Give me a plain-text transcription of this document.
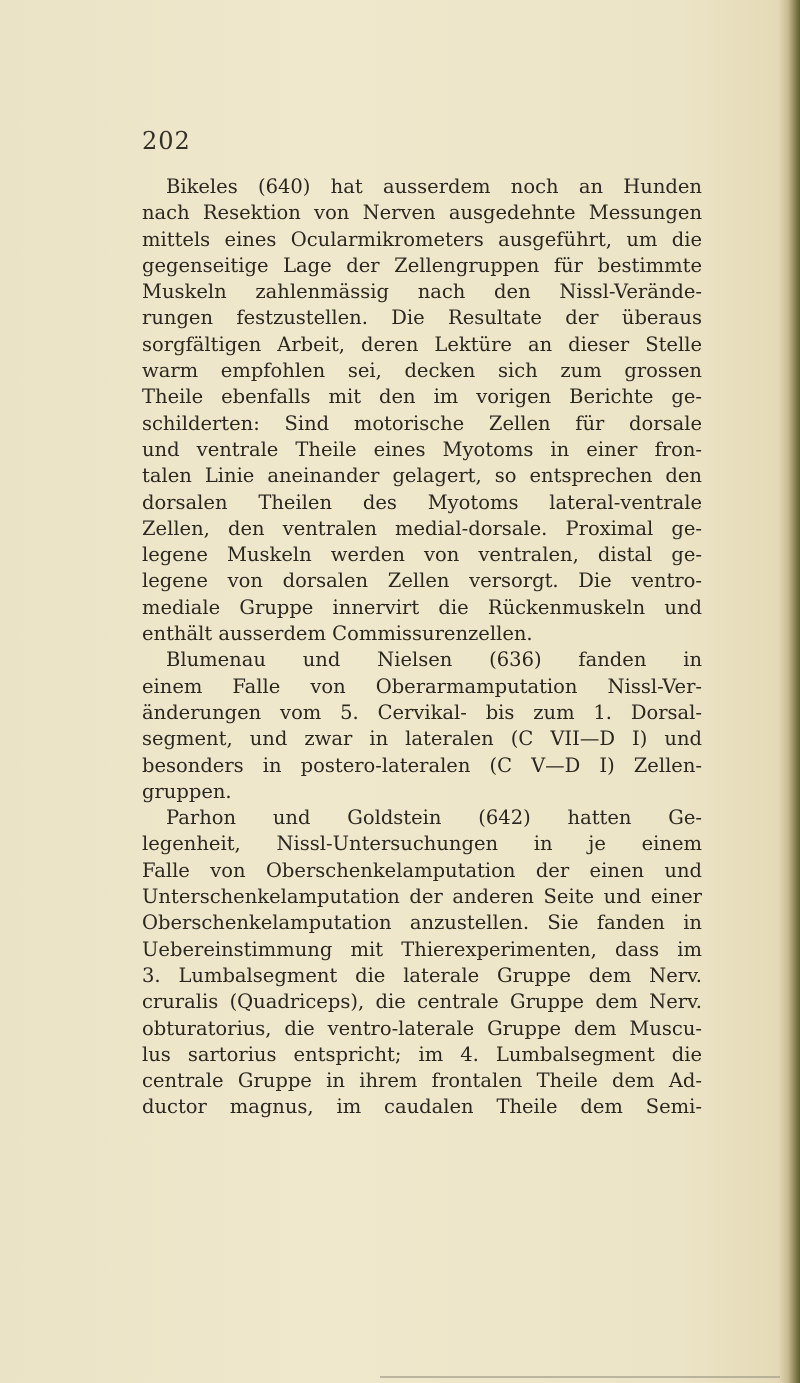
202
Bikeles (640) hat ausserdem noch an Hunden
nach Resektion von Nerven ausgedehnte Messungen
mittels eines Ocularmikrometers ausgeführt, um die
gegenseitige Lage der Zellengruppen für bestimmte
Muskeln zahlenmässig nach den Nissl-Verände-
rungen festzustellen. Die Resultate der überaus
sorgfältigen Arbeit, deren Lektüre an dieser Stelle
warm empfohlen sei, decken sich zum grossen
Theile ebenfalls mit den im vorigen Berichte ge-
schilderten: Sind motorische Zellen für dorsale
und ventrale Theile eines Myotoms in einer fron-
talen Linie aneinander gelagert, so entsprechen den
dorsalen Theilen des Myotoms lateral-ventrale
Zellen, den ventralen medial-dorsale. Proximal ge-
legene Muskeln werden von ventralen, distal ge-
legene von dorsalen Zellen versorgt. Die ventro-
mediale Gruppe innervirt die Rückenmuskeln und
enthält ausserdem Commissurenzellen.
Blumenau und Nielsen (636) fanden in
einem Falle von Oberarmamputation Nissl-Ver-
änderungen vom 5. Cervikal- bis zum 1. Dorsal-
segment, und zwar in lateralen (C VII—D I) und
besonders in postero-lateralen (C V—D I) Zellen-
gruppen.
Parhon und Goldstein (642) hatten Ge-
legenheit, Nissl-Untersuchungen in je einem
Falle von Oberschenkelamputation der einen und
Unterschenkelamputation der anderen Seite und einer
Oberschenkelamputation anzustellen. Sie fanden in
Uebereinstimmung mit Thierexperimenten, dass im
3. Lumbalsegment die laterale Gruppe dem Nerv.
cruralis (Quadriceps), die centrale Gruppe dem Nerv.
obturatorius, die ventro-laterale Gruppe dem Muscu-
lus sartorius entspricht; im 4. Lumbalsegment die
centrale Gruppe in ihrem frontalen Theile dem Ad-
ductor magnus, im caudalen Theile dem Semi-
